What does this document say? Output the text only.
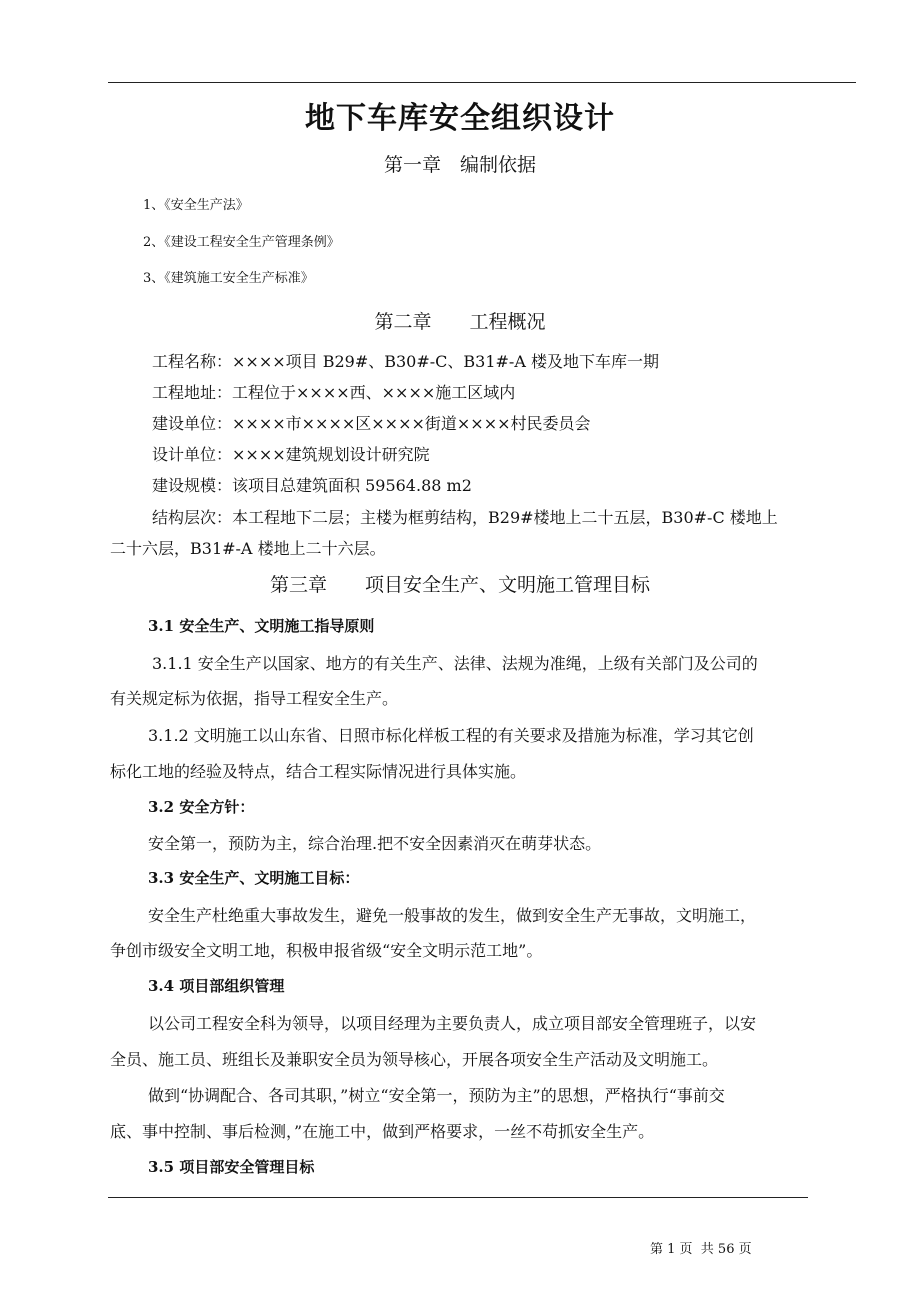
地下车库安全组织设计
第一章　编制依据
1、《安全生产法》
2、《建设工程安全生产管理条例》
3、《建筑施工安全生产标准》
第二章　　工程概况
工程名称：××××项目 B29#、B30#-C、B31#-A 楼及地下车库一期
工程地址：工程位于××××西、××××施工区域内
建设单位：××××市××××区××××街道××××村民委员会
设计单位：××××建筑规划设计研究院
建设规模：该项目总建筑面积 59564.88 m2
结构层次：本工程地下二层；主楼为框剪结构，B29#楼地上二十五层，B30#-C 楼地上
二十六层，B31#-A 楼地上二十六层。
第三章　　项目安全生产、文明施工管理目标
3.1 安全生产、文明施工指导原则
3.1.1 安全生产以国家、地方的有关生产、法律、法规为准绳，上级有关部门及公司的
有关规定标为依据，指导工程安全生产。
3.1.2 文明施工以山东省、日照市标化样板工程的有关要求及措施为标准，学习其它创
标化工地的经验及特点，结合工程实际情况进行具体实施。
3.2 安全方针：
安全第一，预防为主，综合治理.把不安全因素消灭在萌芽状态。
3.3 安全生产、文明施工目标：
安全生产杜绝重大事故发生，避免一般事故的发生，做到安全生产无事故，文明施工，
争创市级安全文明工地，积极申报省级“安全文明示范工地”。
3.4 项目部组织管理
以公司工程安全科为领导，以项目经理为主要负责人，成立项目部安全管理班子，以安
全员、施工员、班组长及兼职安全员为领导核心，开展各项安全生产活动及文明施工。
做到“协调配合、各司其职，”树立“安全第一，预防为主”的思想，严格执行“事前交
底、事中控制、事后检测，”在施工中，做到严格要求，一丝不苟抓安全生产。
3.5 项目部安全管理目标
第 1 页  共 56 页
